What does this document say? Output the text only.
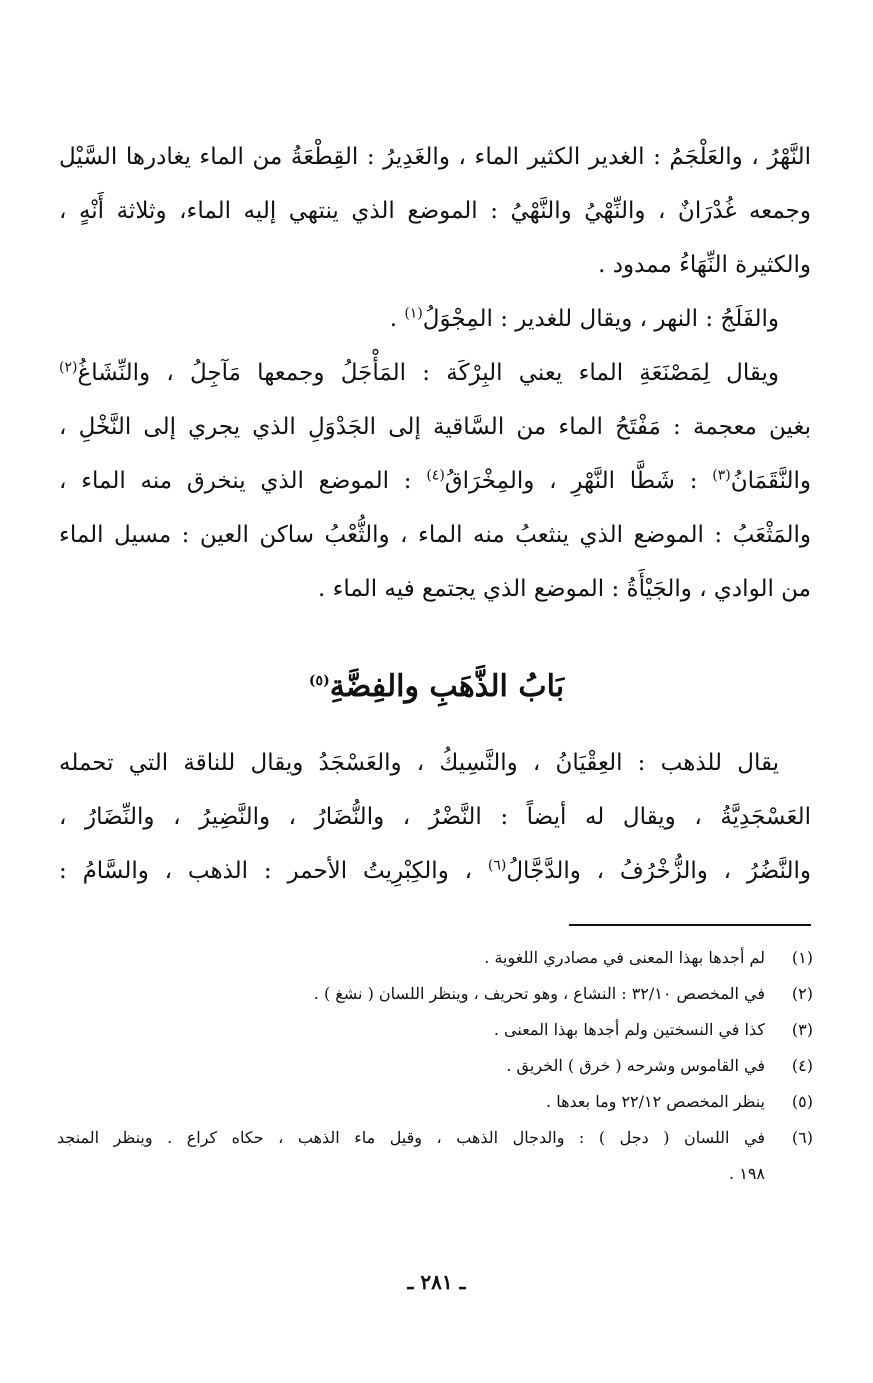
النَّهْرُ ، والعَلْجَمُ : الغدير الكثير الماء ، والغَدِيرُ : القِطْعَةُ من الماء يغادرها السَّيْل
وجمعه غُدْرَانٌ ، والنِّهْيُ والنَّهْيُ : الموضع الذي ينتهي إليه الماء، وثلاثة أَنْهٍ ،
والكثيرة النِّهَاءُ ممدود .
والفَلَجُ : النهر ، ويقال للغدير : المِجْوَلُ$^{(١)}$ .
ويقال لِمَصْنَعَةِ الماء يعني البِرْكَة : المَأْجَلُ وجمعها مَآجِلُ ، والنِّشَاغُ$^{(٢)}$
بغين معجمة : مَفْتَحُ الماء من السَّاقية إلى الجَدْوَلِ الذي يجري إلى النَّخْلِ ،
والنَّقَمَانُ$^{(٣)}$ : شَطَّا النَّهْرِ ، والمِخْرَاقُ$^{(٤)}$ : الموضع الذي ينخرق منه الماء ،
والمَثْعَبُ : الموضع الذي ينثعبُ منه الماء ، والثُّعْبُ ساكن العين : مسيل الماء
من الوادي ، والجَيْأَةُ : الموضع الذي يجتمع فيه الماء .
بَابُ الذَّهَبِ والفِضَّةِ$^{(٥)}$
يقال للذهب : العِقْيَانُ ، والنَّسِيكُ ، والعَسْجَدُ ويقال للناقة التي تحمله
العَسْجَدِيَّةُ ، ويقال له أيضاً : النَّضْرُ ، والنُّضَارُ ، والنَّضِيرُ ، والنِّضَارُ ،
والنَّضُرُ ، والزُّخْرُفُ ، والدَّجَّالُ$^{(٦)}$ ، والكِبْرِيتُ الأحمر : الذهب ، والسَّامُ :
(١)
لم أجدها بهذا المعنى في مصادري اللغوية .
(٢)
في المخصص ٣٢/١٠ : النشاع ، وهو تحريف ، وينظر اللسان ( نشغ ) .
(٣)
كذا في النسختين ولم أجدها بهذا المعنى .
(٤)
في القاموس وشرحه ( خرق ) الخريق .
(٥)
ينظر المخصص ٢٢/١٢ وما بعدها .
(٦)
في اللسان ( دجل ) : والدجال الذهب ، وقيل ماء الذهب ، حكاه كراع . وينظر المنجد
١٩٨ .
ـ ٢٨١ ـ
